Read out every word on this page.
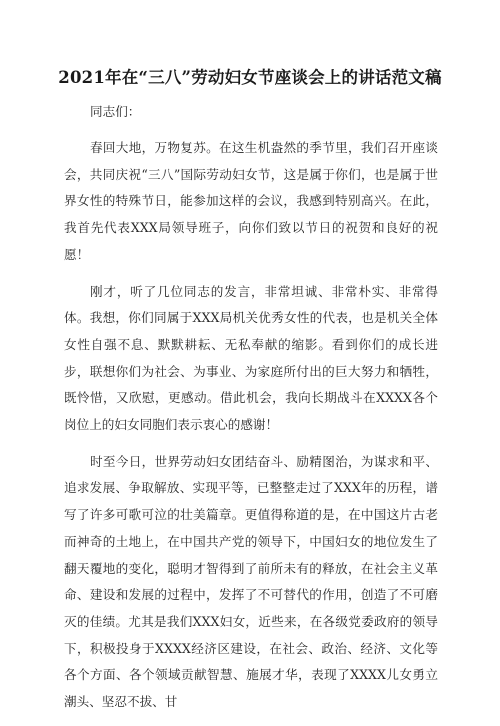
2021年在“三八”劳动妇女节座谈会上的讲话范文稿

同志们：

春回大地，万物复苏。在这生机盎然的季节里，我们召开座谈会，共同庆祝“三八”国际劳动妇女节，这是属于你们，也是属于世界女性的特殊节日，能参加这样的会议，我感到特别高兴。在此，我首先代表XXX局领导班子，向你们致以节日的祝贺和良好的祝愿！

刚才，听了几位同志的发言，非常坦诚、非常朴实、非常得体。我想，你们同属于XXX局机关优秀女性的代表，也是机关全体女性自强不息、默默耕耘、无私奉献的缩影。看到你们的成长进步，联想你们为社会、为事业、为家庭所付出的巨大努力和牺牲，既怜惜，又欣慰，更感动。借此机会，我向长期战斗在XXXX各个岗位上的妇女同胞们表示衷心的感谢！

时至今日，世界劳动妇女团结奋斗、励精图治，为谋求和平、追求发展、争取解放、实现平等，已整整走过了XXX年的历程，谱写了许多可歌可泣的壮美篇章。更值得称道的是，在中国这片古老而神奇的土地上，在中国共产党的领导下，中国妇女的地位发生了翻天覆地的变化，聪明才智得到了前所未有的释放，在社会主义革命、建设和发展的过程中，发挥了不可替代的作用，创造了不可磨灭的佳绩。尤其是我们XXX妇女，近些来，在各级党委政府的领导下，积极投身于XXXX经济区建设，在社会、政治、经济、文化等各个方面、各个领域贡献智慧、施展才华，表现了XXXX儿女勇立潮头、坚忍不拔、甘
